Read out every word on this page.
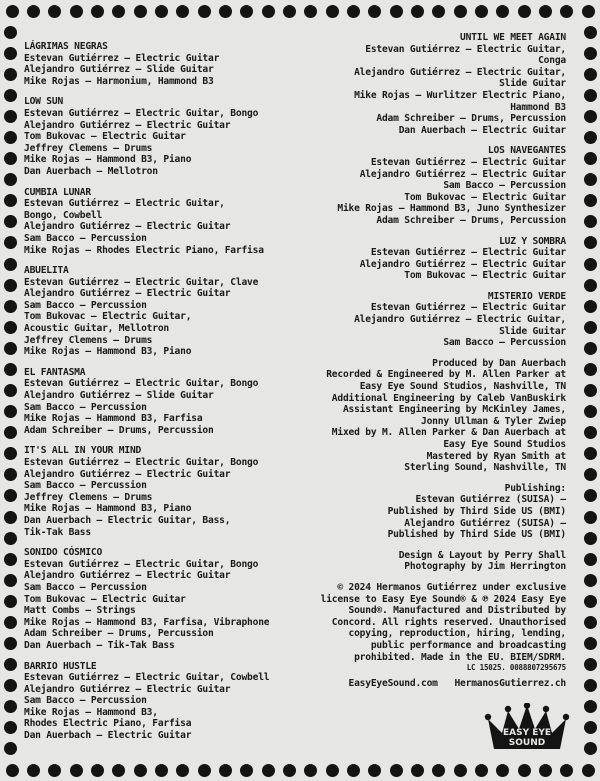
LÁGRIMAS NEGRAS
Estevan Gutiérrez – Electric Guitar
Alejandro Gutiérrez – Slide Guitar
Mike Rojas – Harmonium, Hammond B3
LOW SUN
Estevan Gutiérrez – Electric Guitar, Bongo
Alejandro Gutiérrez – Electric Guitar
Tom Bukovac – Electric Guitar
Jeffrey Clemens – Drums
Mike Rojas – Hammond B3, Piano
Dan Auerbach – Mellotron
CUMBIA LUNAR
Estevan Gutiérrez – Electric Guitar,
Bongo, Cowbell
Alejandro Gutiérrez – Electric Guitar
Sam Bacco – Percussion
Mike Rojas – Rhodes Electric Piano, Farfisa
ABUELITA
Estevan Gutiérrez – Electric Guitar, Clave
Alejandro Gutiérrez – Electric Guitar
Sam Bacco – Percussion
Tom Bukovac – Electric Guitar,
Acoustic Guitar, Mellotron
Jeffrey Clemens – Drums
Mike Rojas – Hammond B3, Piano
EL FANTASMA
Estevan Gutiérrez – Electric Guitar, Bongo
Alejandro Gutiérrez – Slide Guitar
Sam Bacco – Percussion
Mike Rojas – Hammond B3, Farfisa
Adam Schreiber – Drums, Percussion
IT'S ALL IN YOUR MIND
Estevan Gutiérrez – Electric Guitar, Bongo
Alejandro Gutiérrez – Electric Guitar
Sam Bacco – Percussion
Jeffrey Clemens – Drums
Mike Rojas – Hammond B3, Piano
Dan Auerbach – Electric Guitar, Bass,
Tik-Tak Bass
SONIDO CÓSMICO
Estevan Gutiérrez – Electric Guitar, Bongo
Alejandro Gutiérrez – Electric Guitar
Sam Bacco – Percussion
Tom Bukovac – Electric Guitar
Matt Combs – Strings
Mike Rojas – Hammond B3, Farfisa, Vibraphone
Adam Schreiber – Drums, Percussion
Dan Auerbach – Tik-Tak Bass
BARRIO HUSTLE
Estevan Gutiérrez – Electric Guitar, Cowbell
Alejandro Gutiérrez – Electric Guitar
Sam Bacco – Percussion
Mike Rojas – Hammond B3,
Rhodes Electric Piano, Farfisa
Dan Auerbach – Electric Guitar
UNTIL WE MEET AGAIN
Estevan Gutiérrez – Electric Guitar,
Conga
Alejandro Gutiérrez – Electric Guitar,
Slide Guitar
Mike Rojas – Wurlitzer Electric Piano,
Hammond B3
Adam Schreiber – Drums, Percussion
Dan Auerbach – Electric Guitar
LOS NAVEGANTES
Estevan Gutiérrez – Electric Guitar
Alejandro Gutiérrez – Electric Guitar
Sam Bacco – Percussion
Tom Bukovac – Electric Guitar
Mike Rojas – Hammond B3, Juno Synthesizer
Adam Schreiber – Drums, Percussion
LUZ Y SOMBRA
Estevan Gutiérrez – Electric Guitar
Alejandro Gutiérrez – Electric Guitar
Tom Bukovac – Electric Guitar
MISTERIO VERDE
Estevan Gutiérrez – Electric Guitar
Alejandro Gutiérrez – Electric Guitar,
Slide Guitar
Sam Bacco – Percussion
Produced by Dan Auerbach
Recorded & Engineered by M. Allen Parker at
Easy Eye Sound Studios, Nashville, TN
Additional Engineering by Caleb VanBuskirk
Assistant Engineering by McKinley James,
Jonny Ullman & Tyler Zwiep
Mixed by M. Allen Parker & Dan Auerbach at
Easy Eye Sound Studios
Mastered by Ryan Smith at
Sterling Sound, Nashville, TN
Publishing:
Estevan Gutiérrez (SUISA) –
Published by Third Side US (BMI)
Alejandro Gutiérrez (SUISA) –
Published by Third Side US (BMI)
Design & Layout by Perry Shall
Photography by Jim Herrington
© 2024 Hermanos Gutiérrez under exclusive
license to Easy Eye Sound® & ℗ 2024 Easy Eye
Sound®. Manufactured and Distributed by
Concord. All rights reserved. Unauthorised
copying, reproduction, hiring, lending,
public performance and broadcasting
prohibited. Made in the EU. BIEM/SDRM.
LC 15025. 0088807295675
EasyEyeSound.com   HermanosGutierrez.ch
EASY EYE
SOUND
